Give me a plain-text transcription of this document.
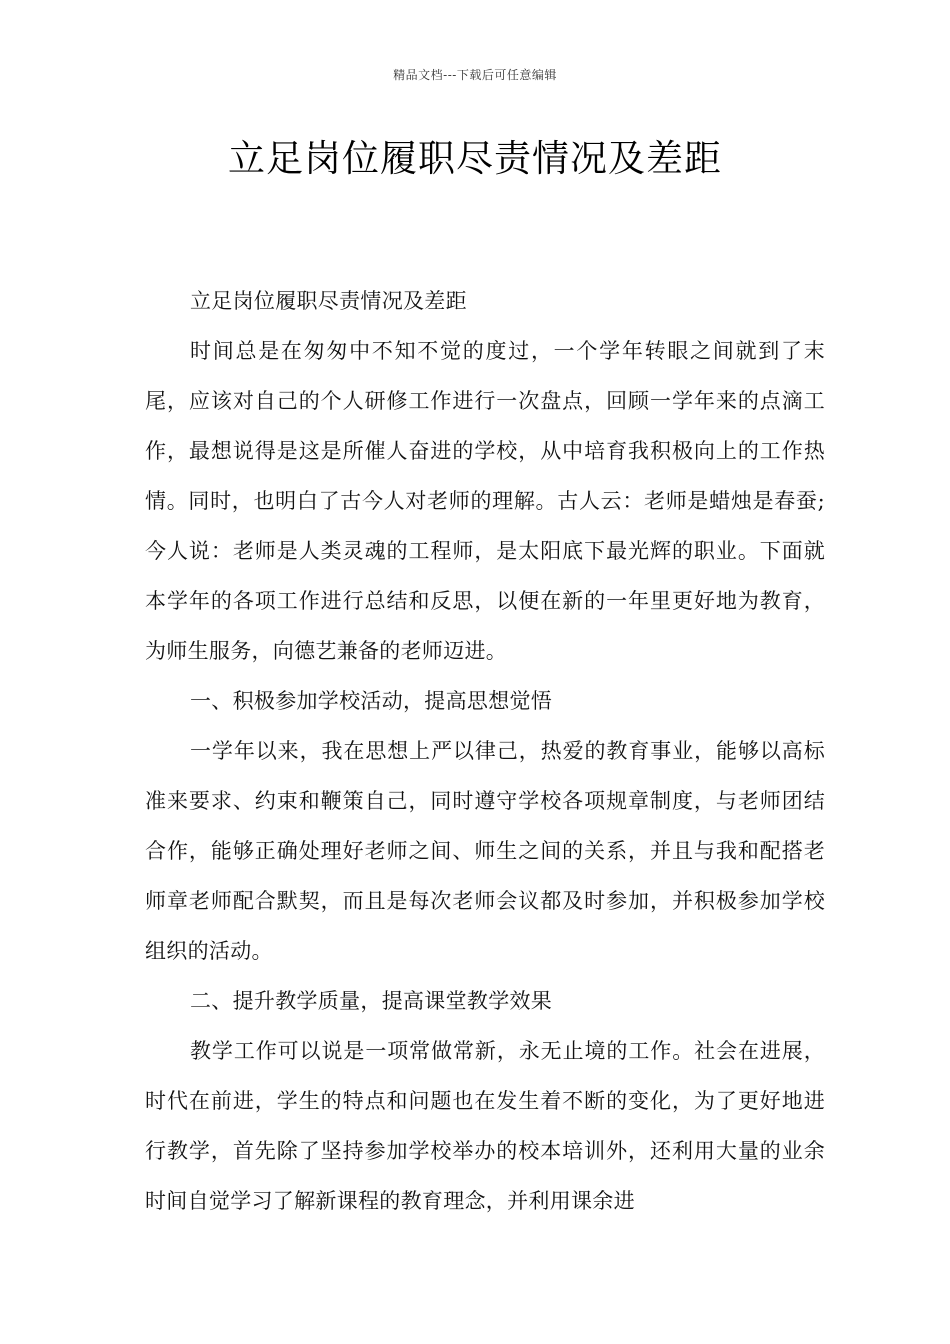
精品文档---下载后可任意编辑
立足岗位履职尽责情况及差距

立足岗位履职尽责情况及差距

时间总是在匆匆中不知不觉的度过，一个学年转眼之间就到了末尾，应该对自己的个人研修工作进行一次盘点，回顾一学年来的点滴工作，最想说得是这是所催人奋进的学校，从中培育我积极向上的工作热情。同时，也明白了古今人对老师的理解。古人云：老师是蜡烛是春蚕;今人说：老师是人类灵魂的工程师，是太阳底下最光辉的职业。下面就本学年的各项工作进行总结和反思，以便在新的一年里更好地为教育，为师生服务，向德艺兼备的老师迈进。

一、积极参加学校活动，提高思想觉悟

一学年以来，我在思想上严以律己，热爱的教育事业，能够以高标准来要求、约束和鞭策自己，同时遵守学校各项规章制度，与老师团结合作，能够正确处理好老师之间、师生之间的关系，并且与我和配搭老师章老师配合默契，而且是每次老师会议都及时参加，并积极参加学校组织的活动。

二、提升教学质量，提高课堂教学效果

教学工作可以说是一项常做常新，永无止境的工作。社会在进展，时代在前进，学生的特点和问题也在发生着不断的变化，为了更好地进行教学，首先除了坚持参加学校举办的校本培训外，还利用大量的业余时间自觉学习了解新课程的教育理念，并利用课余进
